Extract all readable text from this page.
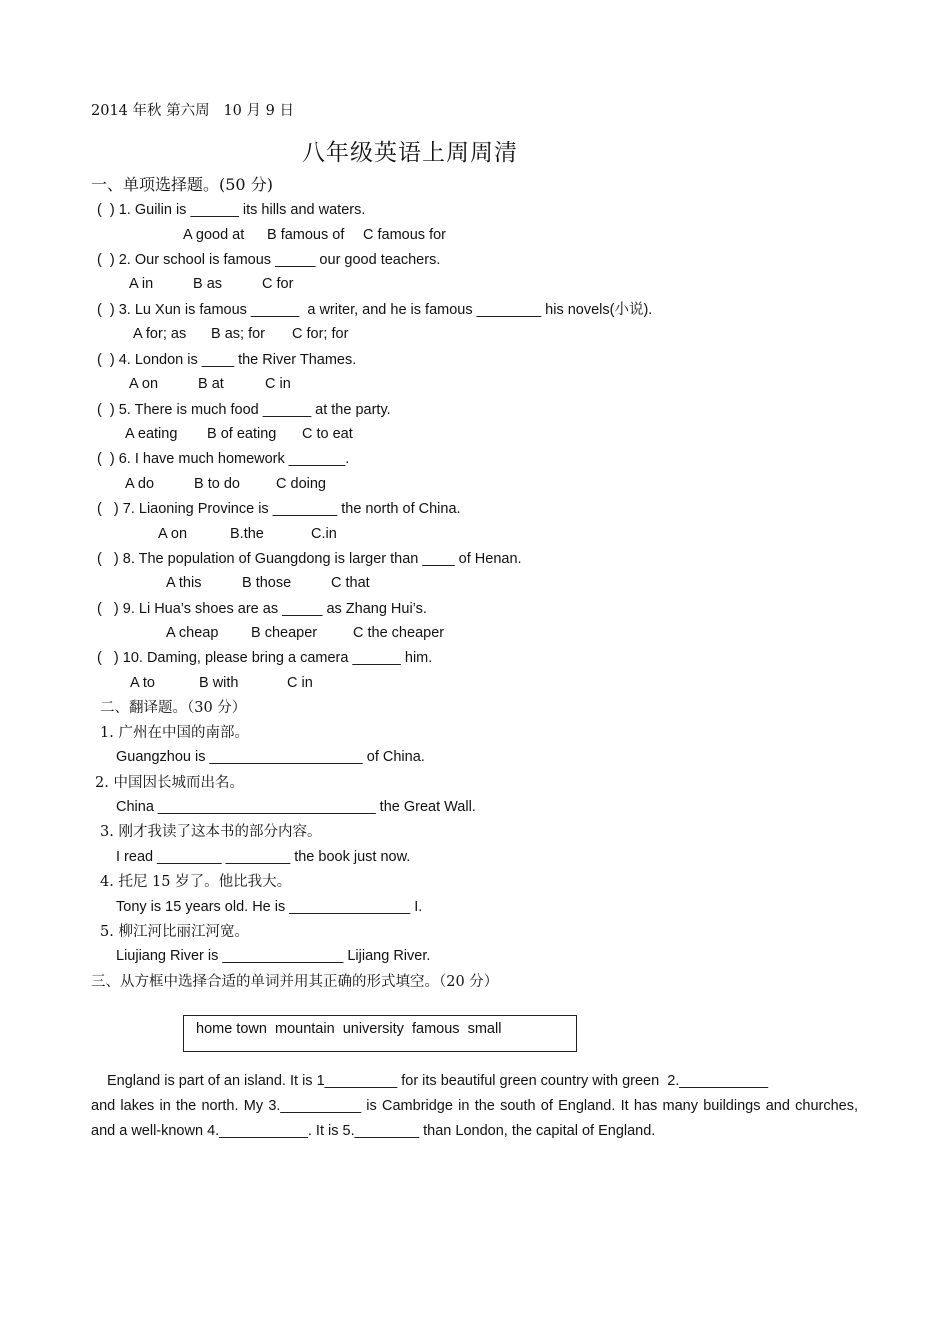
2014 年秋 第六周   10 月 9 日
八年级英语上周周清
一、单项选择题。(50 分)
(  ) 1. Guilin is ______ its hills and waters.
A good at B famous of C famous for
(  ) 2. Our school is famous _____ our good teachers.
A in	B as	C for
(  ) 3. Lu Xun is famous ______  a writer, and he is famous ________ his novels(小说).
A for; as B as; for C for; for
(  ) 4. London is ____ the River Thames.
A on	B at	C in
(  ) 5. There is much food ______ at the party.
A eating B of eating C to eat
(  ) 6. I have much homework _______.
A do	B to do C doing
(   ) 7. Liaoning Province is ________ the north of China.
A on	B.the	C.in
(   ) 8. The population of Guangdong is larger than ____ of Henan.
A this	B those	C that
(   ) 9. Li Hua’s shoes are as _____ as Zhang Hui’s.
A cheap B cheaper C the cheaper
(   ) 10. Daming, please bring a camera ______ him.
A to	B with	C in
二、翻译题。（30 分）
1. 广州在中国的南部。
Guangzhou is ___________________ of China.
2. 中国因长城而出名。
China ___________________________ the Great Wall.
3. 刚才我读了这本书的部分内容。
I read ________ ________ the book just now.
4. 托尼 15 岁了。他比我大。
Tony is 15 years old. He is _______________ I.
5. 柳江河比丽江河宽。
Liujiang River is _______________ Lijiang River.
三、从方框中选择合适的单词并用其正确的形式填空。（20 分）
home town  mountain  university  famous  small
England is part of an island. It is 1_________ for its beautiful green country with green  2.___________
and lakes in the north. My 3.__________ is Cambridge in the south of England. It has many buildings and churches, and a well-known 4.___________. It is 5.________ than London, the capital of England.
